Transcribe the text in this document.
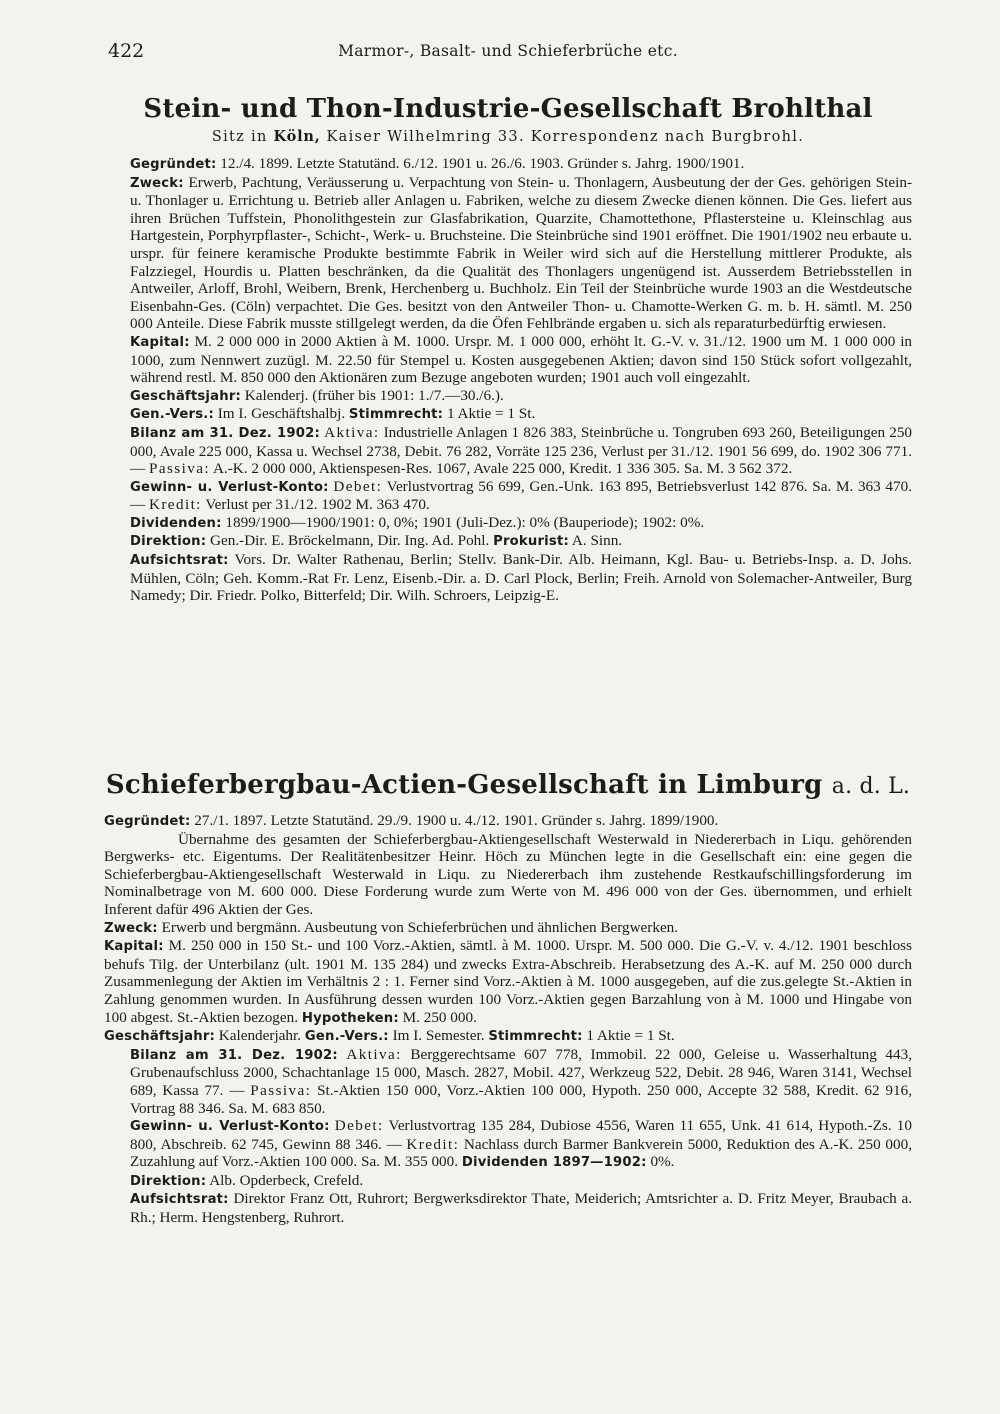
422	Marmor-, Basalt- und Schieferbrüche etc.
Stein- und Thon-Industrie-Gesellschaft Brohlthal

Sitz in Köln, Kaiser Wilhelmring 33. Korrespondenz nach Burgbrohl.

Gegründet: 12./4. 1899. Letzte Statutänd. 6./12. 1901 u. 26./6. 1903. Gründer s. Jahrg. 1900/1901.

Zweck: Erwerb, Pachtung, Veräusserung u. Verpachtung von Stein- u. Thonlagern, Ausbeutung der der Ges. gehörigen Stein- u. Thonlager u. Errichtung u. Betrieb aller Anlagen u. Fabriken, welche zu diesem Zwecke dienen können. Die Ges. liefert aus ihren Brüchen Tuffstein, Phonolithgestein zur Glasfabrikation, Quarzite, Chamottethone, Pflastersteine u. Kleinschlag aus Hartgestein, Porphyrpflaster-, Schicht-, Werk- u. Bruchsteine. Die Steinbrüche sind 1901 eröffnet. Die 1901/1902 neu erbaute u. urspr. für feinere keramische Produkte bestimmte Fabrik in Weiler wird sich auf die Herstellung mittlerer Produkte, als Falzziegel, Hourdis u. Platten beschränken, da die Qualität des Thonlagers ungenügend ist. Ausserdem Betriebsstellen in Antweiler, Arloff, Brohl, Weibern, Brenk, Herchenberg u. Buchholz. Ein Teil der Steinbrüche wurde 1903 an die Westdeutsche Eisenbahn-Ges. (Cöln) verpachtet. Die Ges. besitzt von den Antweiler Thon- u. Chamotte-Werken G. m. b. H. sämtl. M. 250 000 Anteile. Diese Fabrik musste stillgelegt werden, da die Öfen Fehlbrände ergaben u. sich als reparaturbedürftig erwiesen.

Kapital: M. 2 000 000 in 2000 Aktien à M. 1000. Urspr. M. 1 000 000, erhöht lt. G.-V. v. 31./12. 1900 um M. 1 000 000 in 1000, zum Nennwert zuzügl. M. 22.50 für Stempel u. Kosten ausgegebenen Aktien; davon sind 150 Stück sofort vollgezahlt, während restl. M. 850 000 den Aktionären zum Bezuge angeboten wurden; 1901 auch voll eingezahlt.

Geschäftsjahr: Kalenderj. (früher bis 1901: 1./7.—30./6.).

Gen.-Vers.: Im I. Geschäftshalbj. Stimmrecht: 1 Aktie = 1 St.

Bilanz am 31. Dez. 1902: Aktiva: Industrielle Anlagen 1 826 383, Steinbrüche u. Tongruben 693 260, Beteiligungen 250 000, Avale 225 000, Kassa u. Wechsel 2738, Debit. 76 282, Vorräte 125 236, Verlust per 31./12. 1901 56 699, do. 1902 306 771. — Passiva: A.-K. 2 000 000, Aktienspesen-Res. 1067, Avale 225 000, Kredit. 1 336 305. Sa. M. 3 562 372.

Gewinn- u. Verlust-Konto: Debet: Verlustvortrag 56 699, Gen.-Unk. 163 895, Betriebsverlust 142 876. Sa. M. 363 470. — Kredit: Verlust per 31./12. 1902 M. 363 470.

Dividenden: 1899/1900—1900/1901: 0, 0%; 1901 (Juli-Dez.): 0% (Bauperiode); 1902: 0%.

Direktion: Gen.-Dir. E. Bröckelmann, Dir. Ing. Ad. Pohl. Prokurist: A. Sinn.

Aufsichtsrat: Vors. Dr. Walter Rathenau, Berlin; Stellv. Bank-Dir. Alb. Heimann, Kgl. Bau- u. Betriebs-Insp. a. D. Johs. Mühlen, Cöln; Geh. Komm.-Rat Fr. Lenz, Eisenb.-Dir. a. D. Carl Plock, Berlin; Freih. Arnold von Solemacher-Antweiler, Burg Namedy; Dir. Friedr. Polko, Bitterfeld; Dir. Wilh. Schroers, Leipzig-E.

Schieferbergbau-Actien-Gesellschaft in Limburg a. d. L.

Gegründet: 27./1. 1897. Letzte Statutänd. 29./9. 1900 u. 4./12. 1901. Gründer s. Jahrg. 1899/1900.

Übernahme des gesamten der Schieferbergbau-Aktiengesellschaft Westerwald in Niedererbach in Liqu. gehörenden Bergwerks- etc. Eigentums. Der Realitätenbesitzer Heinr. Höch zu München legte in die Gesellschaft ein: eine gegen die Schieferbergbau-Aktiengesellschaft Westerwald in Liqu. zu Niedererbach ihm zustehende Restkaufschillingsforderung im Nominalbetrage von M. 600 000. Diese Forderung wurde zum Werte von M. 496 000 von der Ges. übernommen, und erhielt Inferent dafür 496 Aktien der Ges.

Zweck: Erwerb und bergmänn. Ausbeutung von Schieferbrüchen und ähnlichen Bergwerken.

Kapital: M. 250 000 in 150 St.- und 100 Vorz.-Aktien, sämtl. à M. 1000. Urspr. M. 500 000. Die G.-V. v. 4./12. 1901 beschloss behufs Tilg. der Unterbilanz (ult. 1901 M. 135 284) und zwecks Extra-Abschreib. Herabsetzung des A.-K. auf M. 250 000 durch Zusammenlegung der Aktien im Verhältnis 2 : 1. Ferner sind Vorz.-Aktien à M. 1000 ausgegeben, auf die zus.gelegte St.-Aktien in Zahlung genommen wurden. In Ausführung dessen wurden 100 Vorz.-Aktien gegen Barzahlung von à M. 1000 und Hingabe von 100 abgest. St.-Aktien bezogen. Hypotheken: M. 250 000.

Geschäftsjahr: Kalenderjahr. Gen.-Vers.: Im I. Semester. Stimmrecht: 1 Aktie = 1 St.

Bilanz am 31. Dez. 1902: Aktiva: Berggerechtsame 607 778, Immobil. 22 000, Geleise u. Wasserhaltung 443, Grubenaufschluss 2000, Schachtanlage 15 000, Masch. 2827, Mobil. 427, Werkzeug 522, Debit. 28 946, Waren 3141, Wechsel 689, Kassa 77. — Passiva: St.-Aktien 150 000, Vorz.-Aktien 100 000, Hypoth. 250 000, Accepte 32 588, Kredit. 62 916, Vortrag 88 346. Sa. M. 683 850.

Gewinn- u. Verlust-Konto: Debet: Verlustvortrag 135 284, Dubiose 4556, Waren 11 655, Unk. 41 614, Hypoth.-Zs. 10 800, Abschreib. 62 745, Gewinn 88 346. — Kredit: Nachlass durch Barmer Bankverein 5000, Reduktion des A.-K. 250 000, Zuzahlung auf Vorz.-Aktien 100 000. Sa. M. 355 000. Dividenden 1897—1902: 0%.

Direktion: Alb. Opderbeck, Crefeld.

Aufsichtsrat: Direktor Franz Ott, Ruhrort; Bergwerksdirektor Thate, Meiderich; Amtsrichter a. D. Fritz Meyer, Braubach a. Rh.; Herm. Hengstenberg, Ruhrort.
